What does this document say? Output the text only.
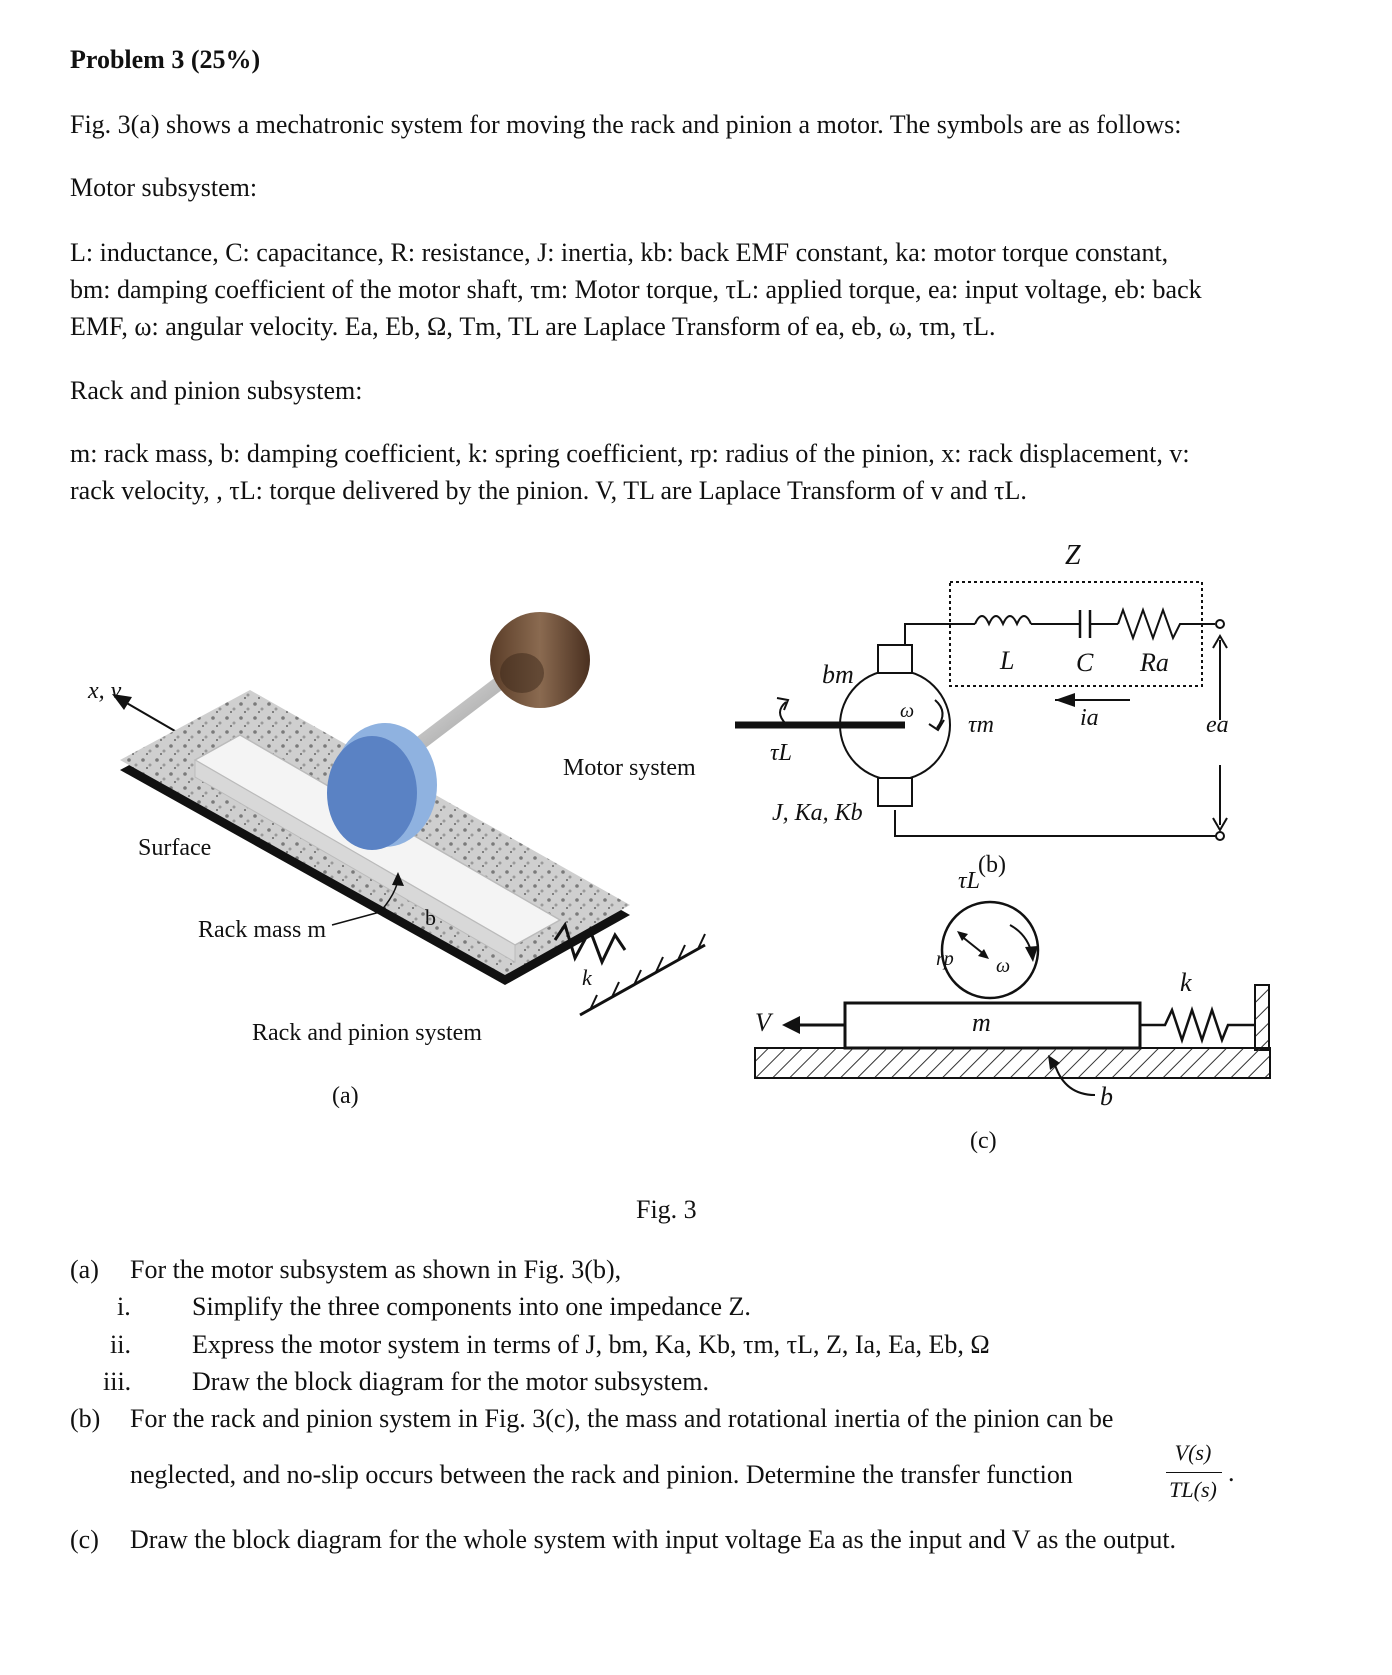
Problem 3 (25%)
Fig. 3(a) shows a mechatronic system for moving the rack and pinion a motor. The symbols are as follows:
Motor subsystem:
L: inductance, C: capacitance, R: resistance, J: inertia, kb: back EMF constant, ka: motor torque constant,
bm: damping coefficient of the motor shaft, τm: Motor torque, τL: applied torque, ea: input voltage, eb: back
EMF, ω: angular velocity. Ea, Eb, Ω, Tm, TL are Laplace Transform of ea, eb, ω, τm, τL.
Rack and pinion subsystem:
m: rack mass, b: damping coefficient, k: spring coefficient, rp: radius of the pinion, x: rack displacement, v:
rack velocity, , τL: torque delivered by the pinion. V, TL are Laplace Transform of v and τL.
x, v
Surface
Rack mass m	b
k
Motor system
Rack and pinion system
(a)
Z
L C Ra
bm
ω
τm	ia	ea
τL
J, Ka, Kb
(b)
τL
rp ω
m
k
V
b
(c)
Fig. 3
(a) For the motor subsystem as shown in Fig. 3(b),
i. Simplify the three components into one impedance Z.
ii. Express the motor system in terms of J, bm, Ka, Kb, τm, τL, Z, Ia, Ea, Eb, Ω
iii. Draw the block diagram for the motor subsystem.
(b) For the rack and pinion system in Fig. 3(c), the mass and rotational inertia of the pinion can be
neglected, and no-slip occurs between the rack and pinion. Determine the transfer function
V(s)
TL(s)
.
(c) Draw the block diagram for the whole system with input voltage Ea as the input and V as the output.
